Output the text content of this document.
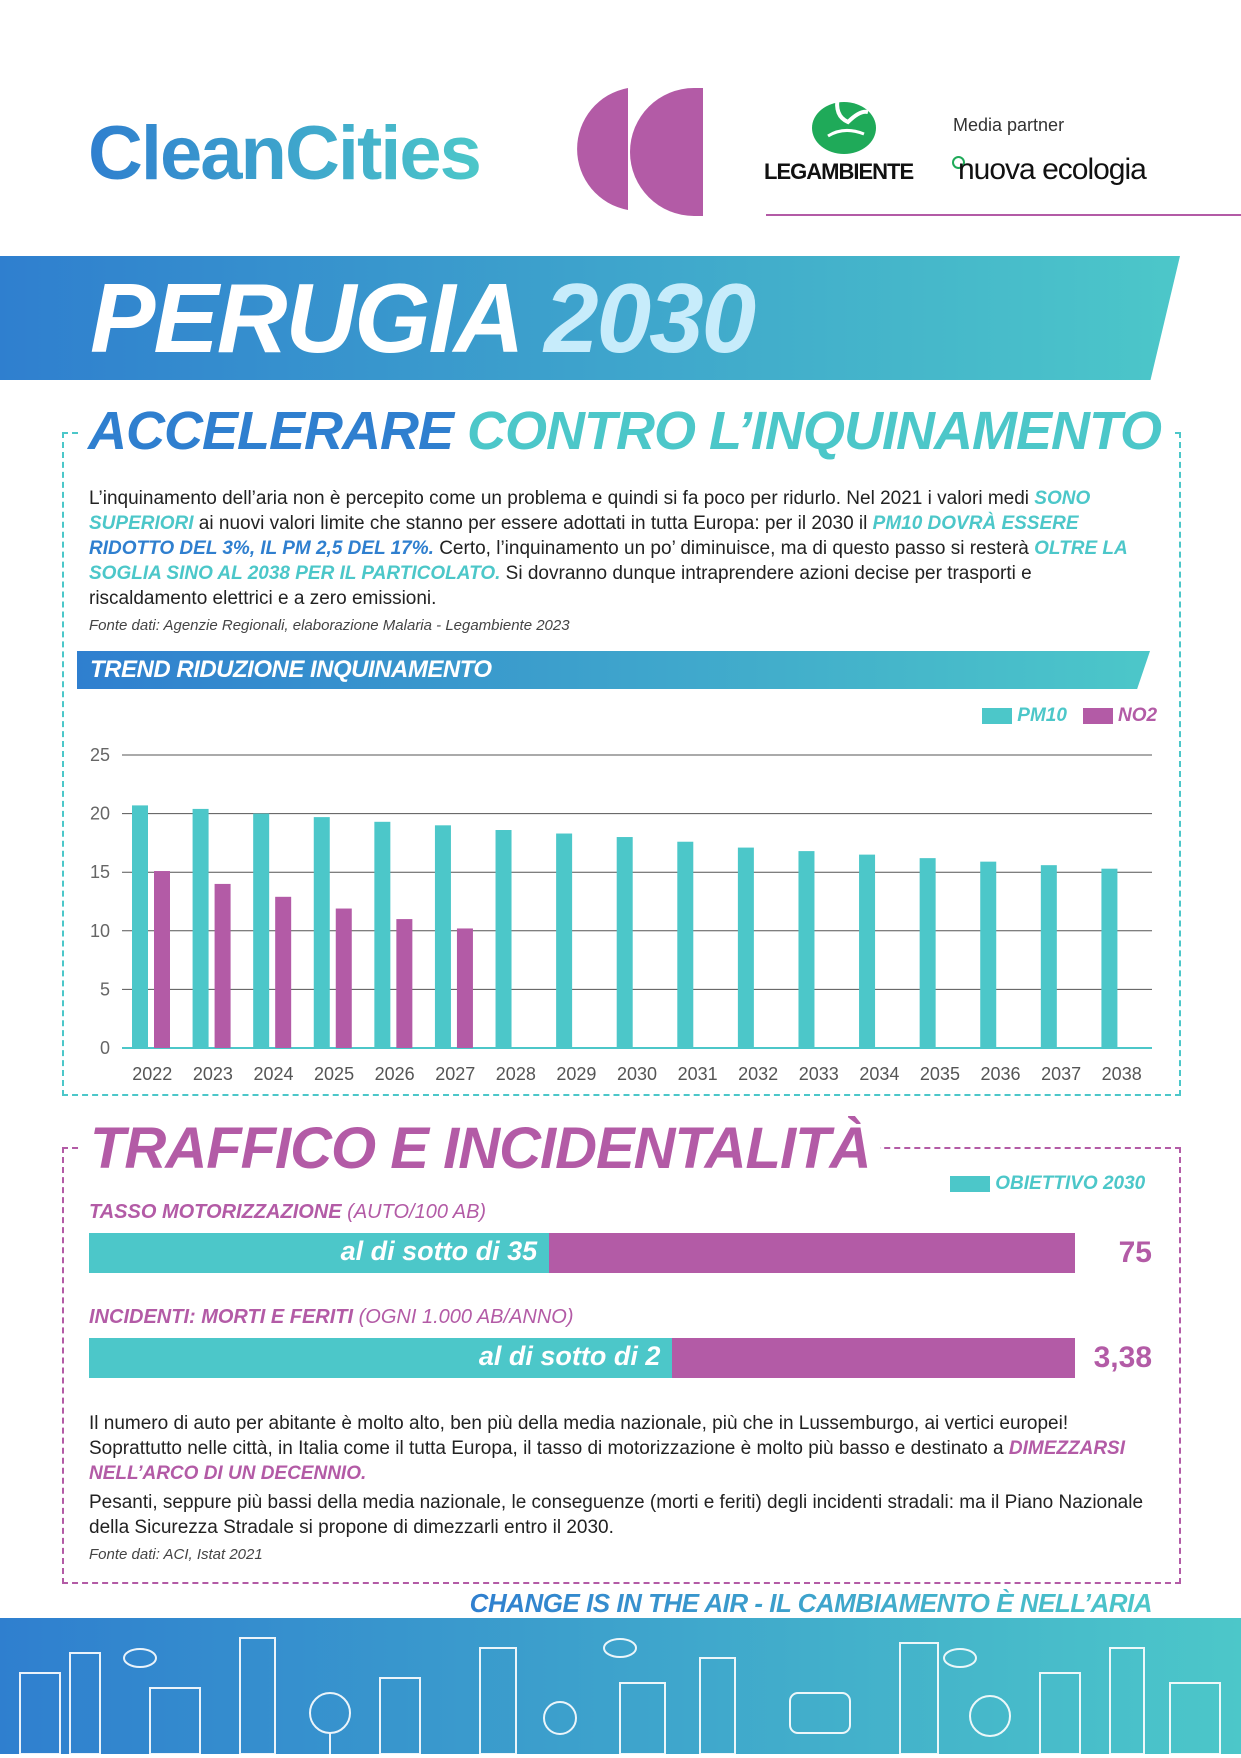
CleanCities	LEGAMBIENTE
Media partner
nuova ecologia
PERUGIA 2030
ACCELERARE CONTRO L’INQUINAMENTO
L’inquinamento dell’aria non è percepito come un problema e quindi si fa poco per ridurlo. Nel 2021 i valori medi SONO SUPERIORI ai nuovi valori limite che stanno per essere adottati in tutta Europa: per il 2030 il PM10 DOVRÀ ESSERE RIDOTTO DEL 3%, IL PM 2,5 DEL 17%. Certo, l’inquinamento un po’ diminuisce, ma di questo passo si resterà OLTRE LA SOGLIA SINO AL 2038 PER IL PARTICOLATO. Si dovranno dunque intraprendere azioni decise per trasporti e riscaldamento elettrici e a zero emissioni.
Fonte dati: Agenzie Regionali, elaborazione Malaria - Legambiente 2023
TREND RIDUZIONE INQUINAMENTO
PM10	NO2
0
5
10
15
20
25
2022 2023 2024 2025 2026 2027 2028 2029 2030 2031 2032 2033 2034 2035 2036 2037 2038
TRAFFICO E INCIDENTALITÀ
OBIETTIVO 2030
TASSO MOTORIZZAZIONE (AUTO/100 AB)
al di sotto di 35	75
INCIDENTI: MORTI E FERITI (OGNI 1.000 AB/ANNO)
al di sotto di 2	3,38
Il numero di auto per abitante è molto alto, ben più della media nazionale, più che in Lussemburgo, ai vertici europei! Soprattutto nelle città, in Italia come il tutta Europa, il tasso di motorizzazione è molto più basso e destinato a DIMEZZARSI NELL’ARCO DI UN DECENNIO.
Pesanti, seppure più bassi della media nazionale, le conseguenze (morti e feriti) degli incidenti stradali: ma il Piano Nazionale della Sicurezza Stradale si propone di dimezzarli entro il 2030.
Fonte dati: ACI, Istat 2021
CHANGE IS IN THE AIR - IL CAMBIAMENTO È NELL’ARIA
